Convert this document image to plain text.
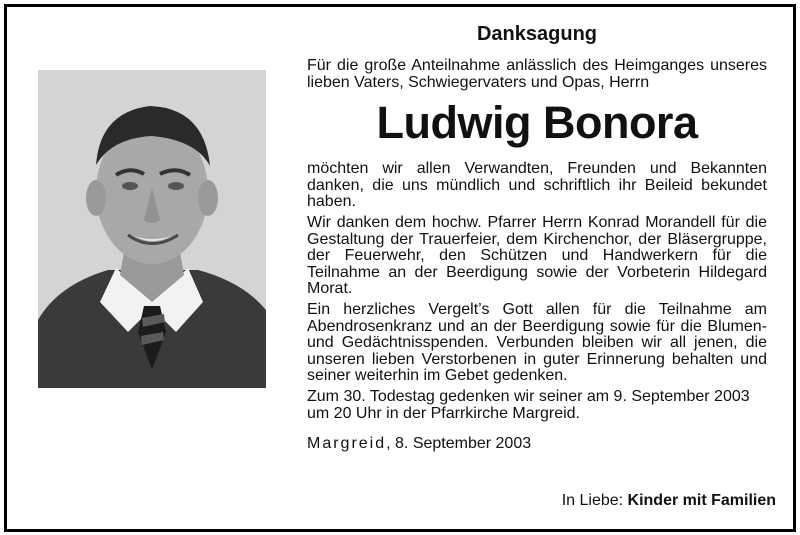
Danksagung

Für die große Anteilnahme anlässlich des Heimganges unseres lieben Vaters, Schwiegervaters und Opas, Herrn

Ludwig Bonora

möchten wir allen Verwandten, Freunden und Bekannten danken, die uns mündlich und schriftlich ihr Beileid bekundet haben.

Wir danken dem hochw. Pfarrer Herrn Konrad Morandell für die Gestaltung der Trauerfeier, dem Kirchenchor, der Bläsergruppe, der Feuerwehr, den Schützen und Handwerkern für die Teilnahme an der Beerdigung sowie der Vorbeterin Hildegard Morat.

Ein herzliches Vergelt’s Gott allen für die Teilnahme am Abendrosenkranz und an der Beerdigung sowie für die Blumen- und Gedächtnisspenden. Verbunden bleiben wir all jenen, die unseren lieben Verstorbenen in guter Erinnerung behalten und seiner weiterhin im Gebet gedenken.

Zum 30. Todestag gedenken wir seiner am 9. September 2003 um 20 Uhr in der Pfarrkirche Margreid.

Margreid, 8. September 2003

In Liebe: Kinder mit Familien
